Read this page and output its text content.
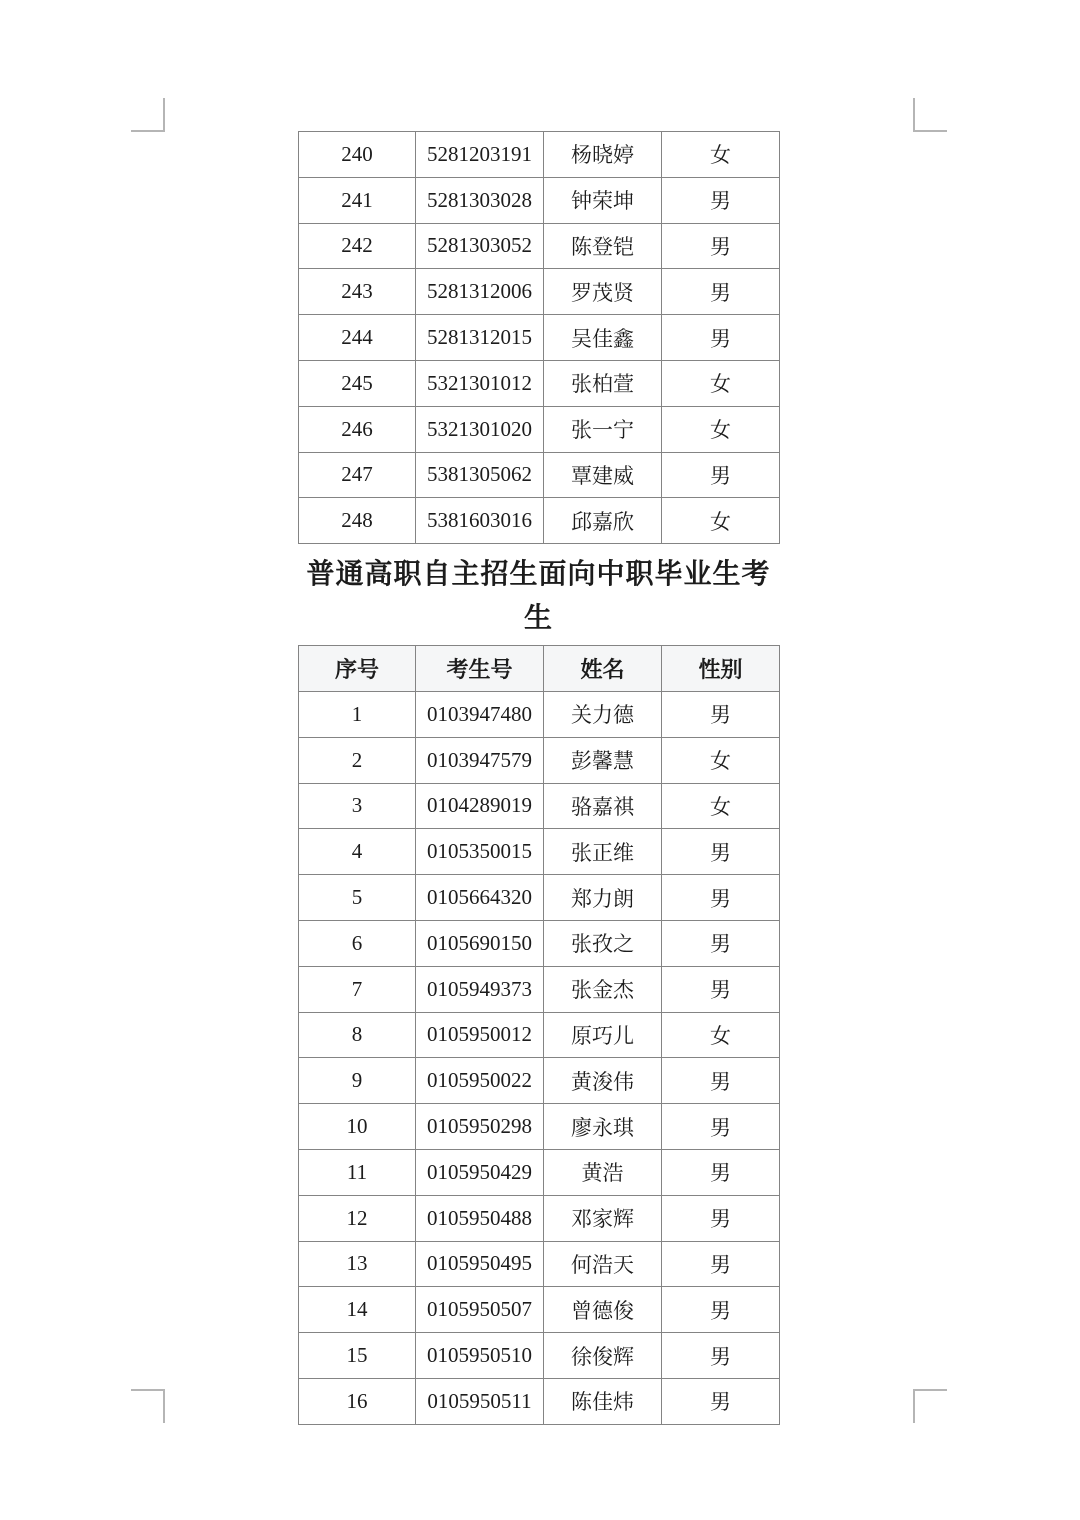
240	5281203191	杨晓婷	女
241	5281303028	钟荣坤	男
242	5281303052	陈登铠	男
243	5281312006	罗茂贤	男
244	5281312015	吴佳鑫	男
245	5321301012	张柏萱	女
246	5321301020	张一宁	女
247	5381305062	覃建威	男
248	5381603016	邱嘉欣	女
普通高职自主招生面向中职毕业生考生
序号	考生号	姓名	性别
1	0103947480	关力德	男
2	0103947579	彭馨慧	女
3	0104289019	骆嘉祺	女
4	0105350015	张正维	男
5	0105664320	郑力朗	男
6	0105690150	张孜之	男
7	0105949373	张金杰	男
8	0105950012	原巧儿	女
9	0105950022	黄浚伟	男
10	0105950298	廖永琪	男
11	0105950429	黄浩	男
12	0105950488	邓家辉	男
13	0105950495	何浩天	男
14	0105950507	曾德俊	男
15	0105950510	徐俊辉	男
16	0105950511	陈佳炜	男
